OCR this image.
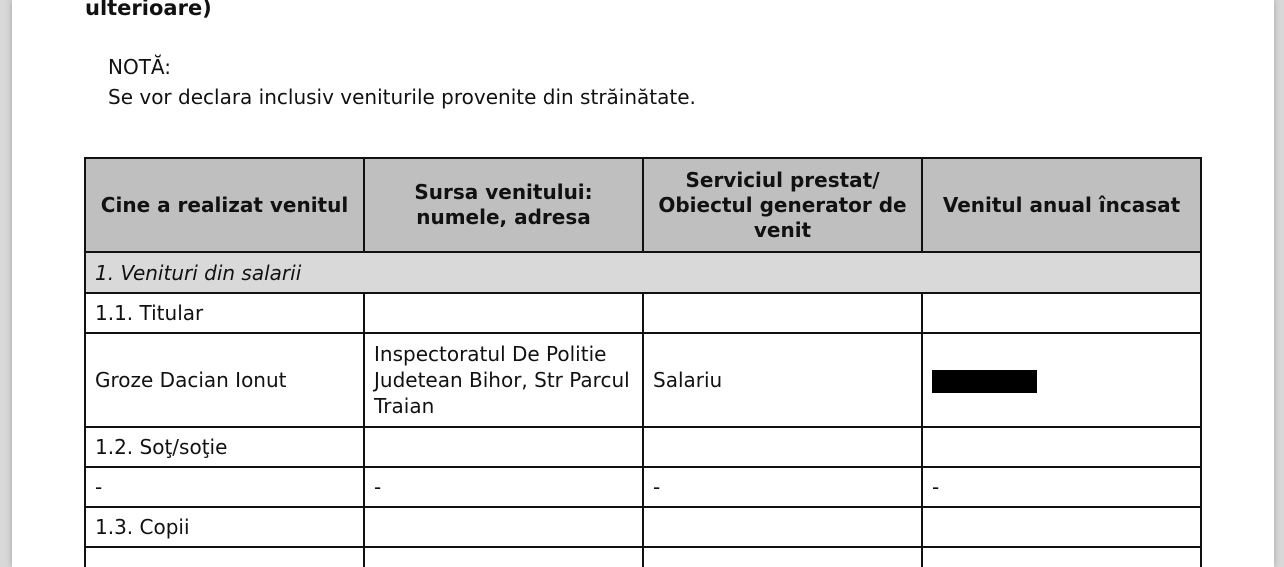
ulterioare)
NOTĂ:
Se vor declara inclusiv veniturile provenite din străinătate.
Cine a realizat venitul	Sursa venitului: numele, adresa	Serviciul prestat/ Obiectul generator de venit	Venitul anual încasat
1. Venituri din salarii			
1.1. Titular			
Groze Dacian Ionut	Inspectoratul De Politie Judetean Bihor, Str Parcul Traian	Salariu	
1.2. Soţ/soţie			
-	-	-	-
1.3. Copii			
